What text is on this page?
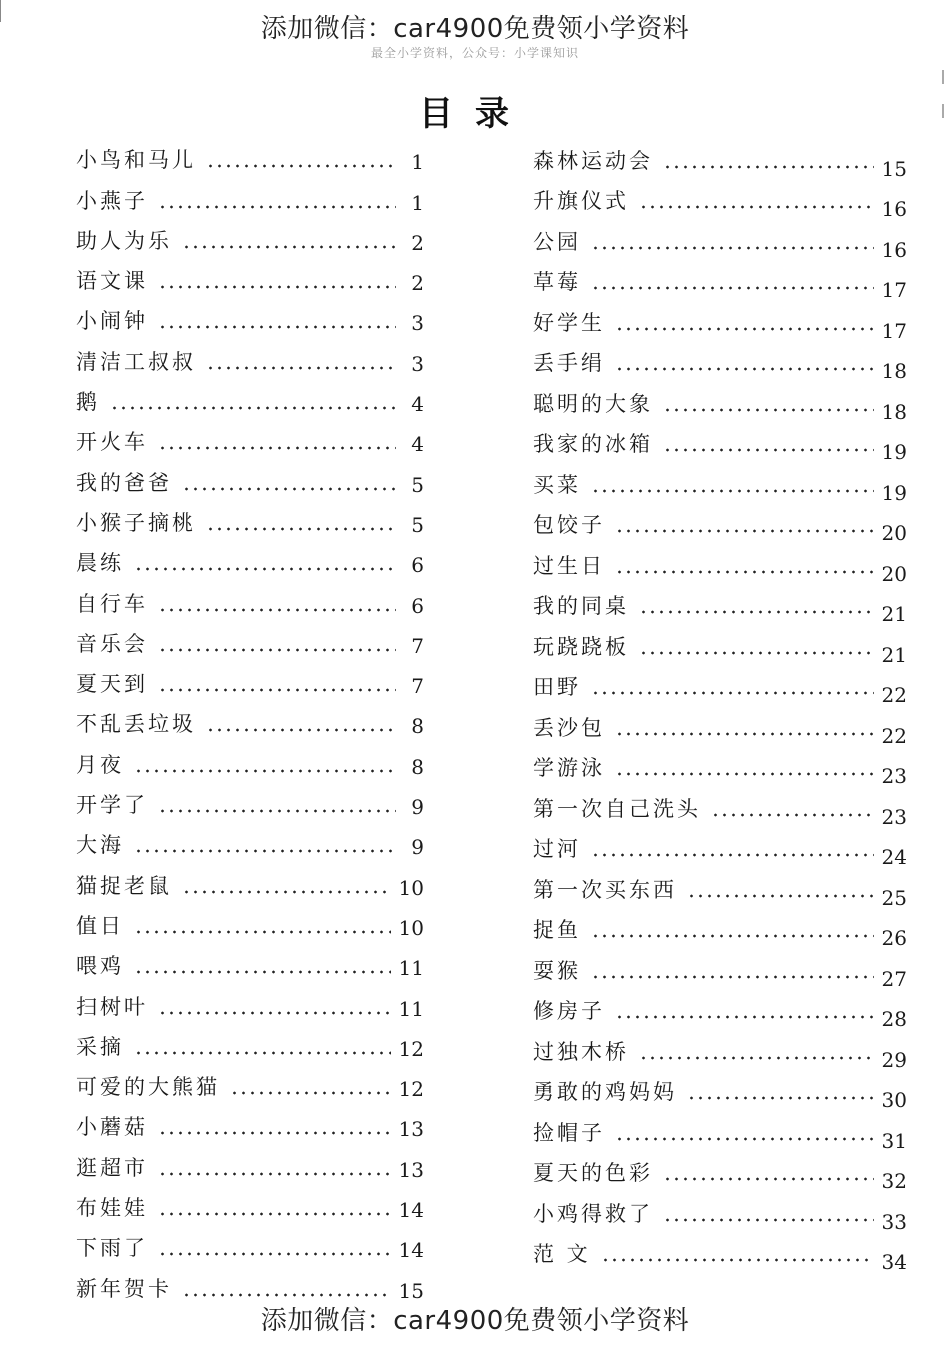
添加微信：car4900免费领小学资料
最全小学资料，公众号：小学课知识
目录
小鸟和马儿	1
小燕子	1
助人为乐	2
语文课	2
小闹钟	3
清洁工叔叔	3
鹅	4
开火车	4
我的爸爸	5
小猴子摘桃	5
晨练	6
自行车	6
音乐会	7
夏天到	7
不乱丢垃圾	8
月夜	8
开学了	9
大海	9
猫捉老鼠	10
值日	10
喂鸡	11
扫树叶	11
采摘	12
可爱的大熊猫	12
小蘑菇	13
逛超市	13
布娃娃	14
下雨了	14
新年贺卡	15
森林运动会	15
升旗仪式	16
公园	16
草莓	17
好学生	17
丢手绢	18
聪明的大象	18
我家的冰箱	19
买菜	19
包饺子	20
过生日	20
我的同桌	21
玩跷跷板	21
田野	22
丢沙包	22
学游泳	23
第一次自己洗头	23
过河	24
第一次买东西	25
捉鱼	26
耍猴	27
修房子	28
过独木桥	29
勇敢的鸡妈妈	30
捡帽子	31
夏天的色彩	32
小鸡得救了	33
范 文	34
添加微信：car4900免费领小学资料
